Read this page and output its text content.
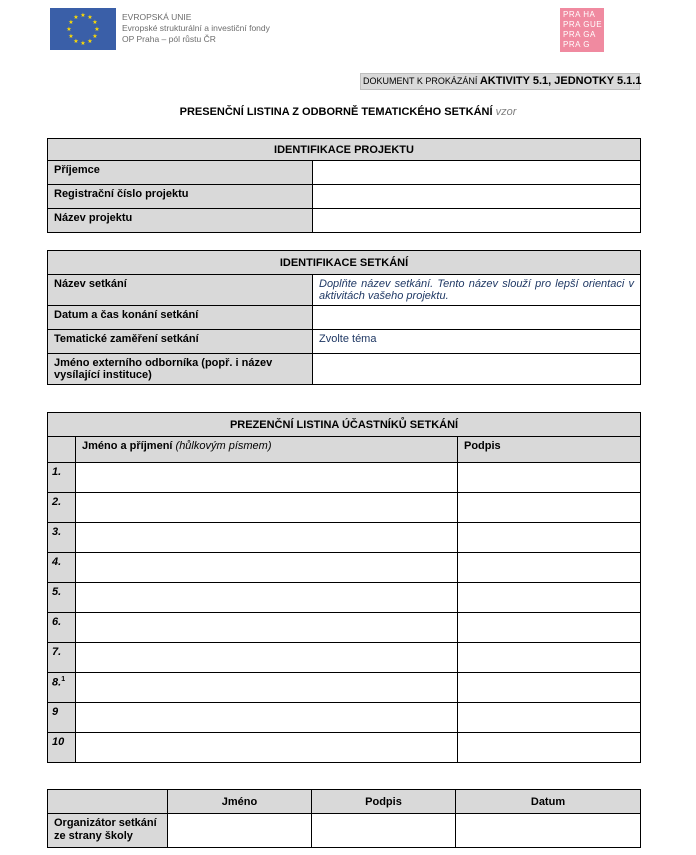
★ ★
★
★
★
★
★
★
★
★
★
★	EVROPSKÁ UNIE
Evropské strukturální a investiční fondy
OP Praha – pól růstu ČR
PRA HA
PRA GUE
PRA GA
PRA G
DOKUMENT K PROKÁZÁNÍ AKTIVITY 5.1, JEDNOTKY 5.1.1
PRESENČNÍ LISTINA Z ODBORNĚ TEMATICKÉHO SETKÁNÍ vzor
IDENTIFIKACE PROJEKTU	
Příjemce	
Registrační číslo projektu	
Název projektu	
IDENTIFIKACE SETKÁNÍ	
Název setkání	Doplňte název setkání. Tento název slouží pro lepší orientaci v aktivitách vašeho projektu.
Datum a čas konání setkání	
Tematické zaměření setkání	Zvolte téma
Jméno externího odborníka (popř. i název vysílající instituce)	
PREZENČNÍ LISTINA ÚČASTNÍKŮ SETKÁNÍ		
	Jméno a příjmení (hůlkovým písmem)	Podpis
1.		
2.		
3.		
4.		
5.		
6.		
7.		
8.$^1$		
9		
10		
	Jméno	Podpis	Datum
Organizátor setkání ze strany školy			
